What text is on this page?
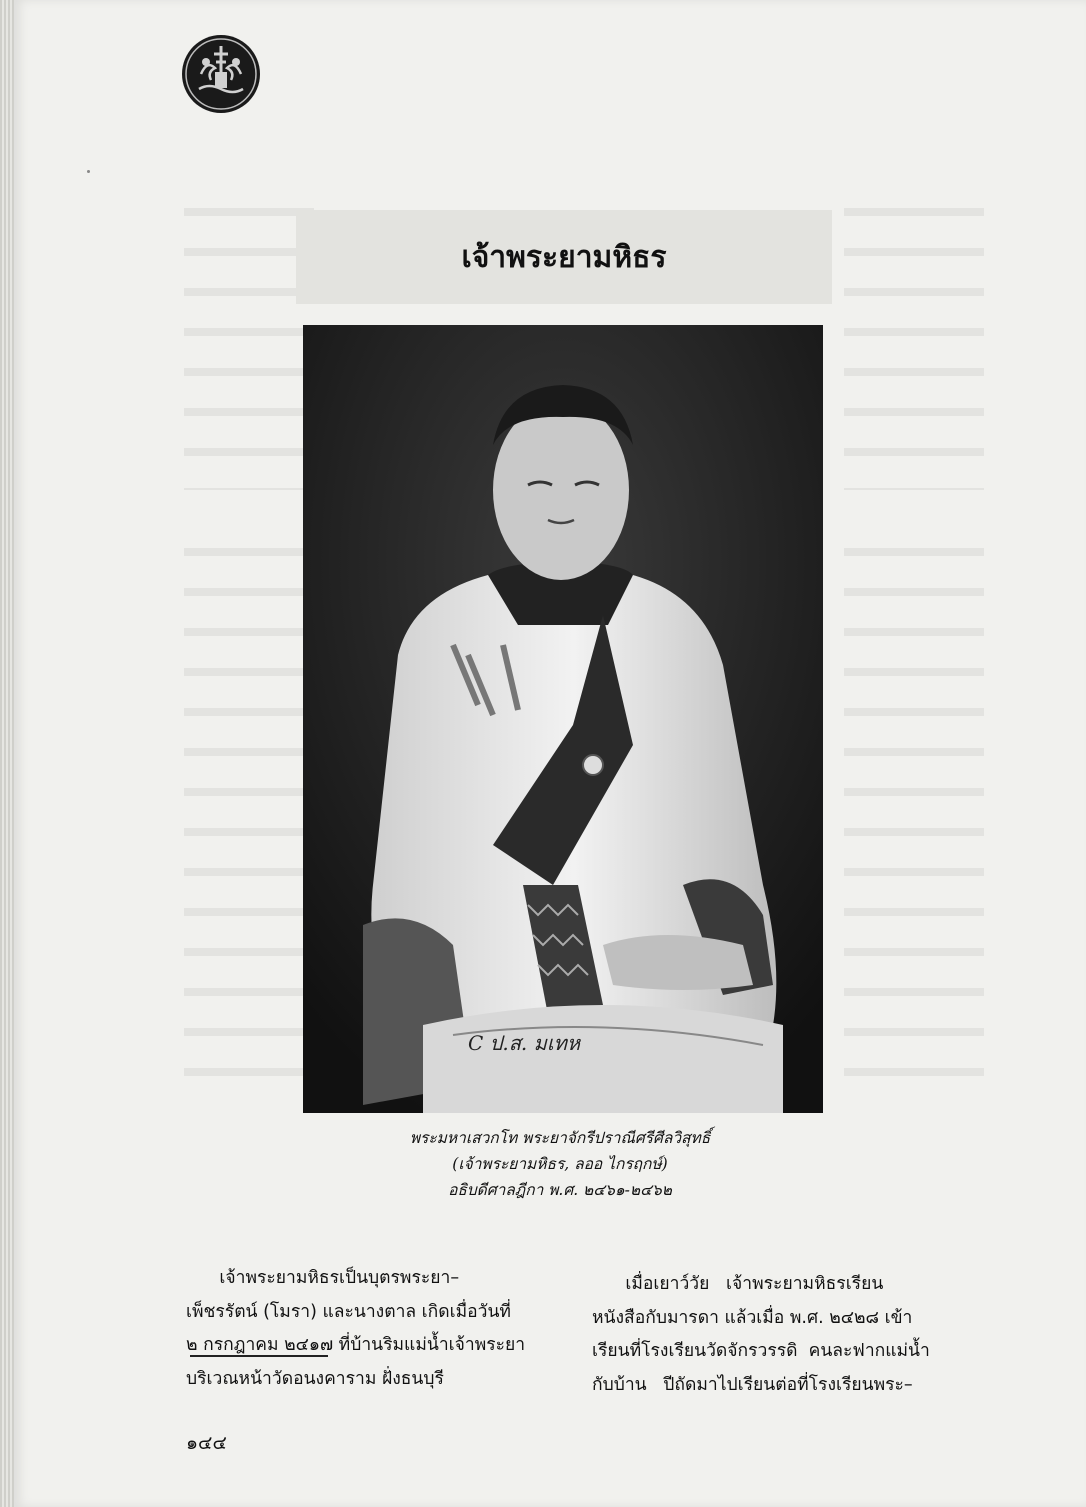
เจ้าพระยามหิธร
C ป.ส. มเทห
พระมหาเสวกโท พระยาจักรีปราณีศรีศีลวิสุทธิ์
(เจ้าพระยามหิธร, ลออ ไกรฤกษ์)
อธิบดีศาลฎีกา พ.ศ. ๒๔๖๑-๒๔๖๒
เจ้าพระยามหิธรเป็นบุตรพระยา–
เพ็ชรรัตน์ (โมรา) และนางตาล เกิดเมื่อวันที่
๒ กรกฎาคม ๒๔๑๗ ที่บ้านริมแม่น้ำเจ้าพระยา
บริเวณหน้าวัดอนงคาราม ฝั่งธนบุรี
เมื่อเยาว์วัย   เจ้าพระยามหิธรเรียน
หนังสือกับมารดา แล้วเมื่อ พ.ศ. ๒๔๒๘ เข้า
เรียนที่โรงเรียนวัดจักรวรรดิ  คนละฟากแม่น้ำ
กับบ้าน   ปีถัดมาไปเรียนต่อที่โรงเรียนพระ–
๑๔๔
